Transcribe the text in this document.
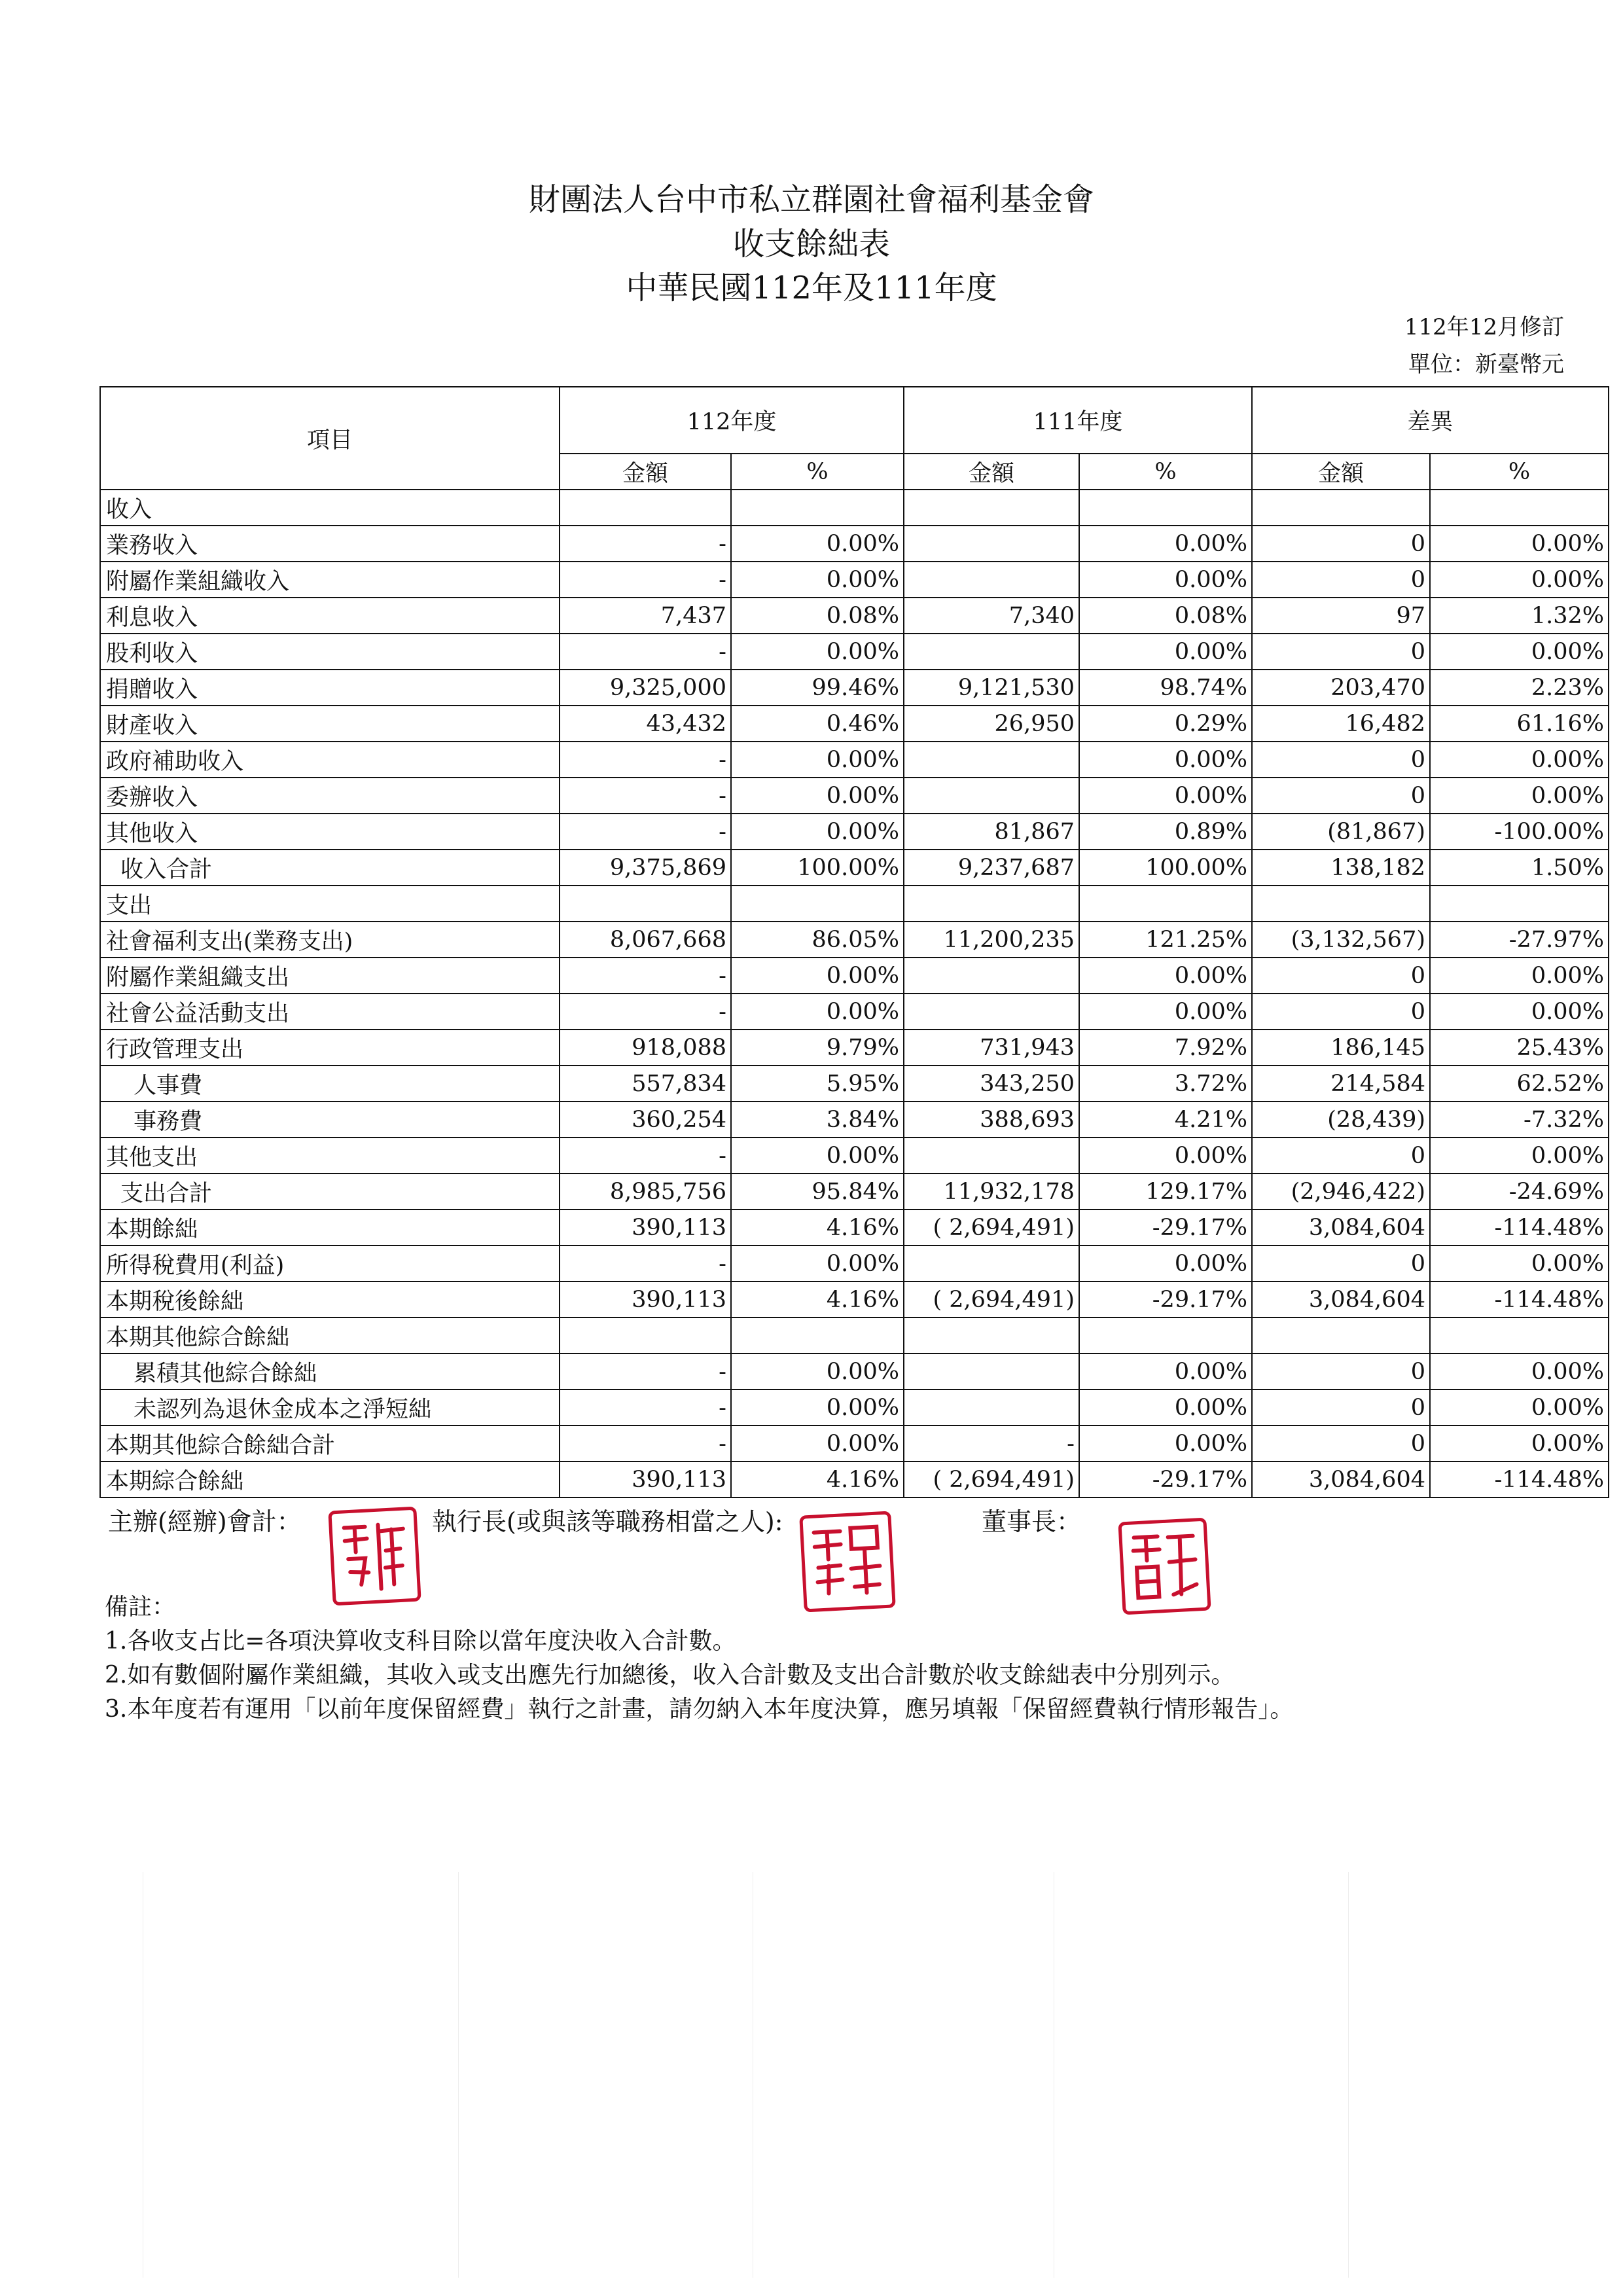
財團法人台中市私立群園社會福利基金會
收支餘絀表
中華民國112年及111年度
112年12月修訂
單位：新臺幣元
項目	112年度		111年度		差異	
	金額	%	金額	%	金額	%
收入						
業務收入	-	0.00%		0.00%	0	0.00%
附屬作業組織收入	-	0.00%		0.00%	0	0.00%
利息收入	7,437	0.08%	7,340	0.08%	97	1.32%
股利收入	-	0.00%		0.00%	0	0.00%
捐贈收入	9,325,000	99.46%	9,121,530	98.74%	203,470	2.23%
財產收入	43,432	0.46%	26,950	0.29%	16,482	61.16%
政府補助收入	-	0.00%		0.00%	0	0.00%
委辦收入	-	0.00%		0.00%	0	0.00%
其他收入	-	0.00%	81,867	0.89%	(81,867)	-100.00%
收入合計	9,375,869	100.00%	9,237,687	100.00%	138,182	1.50%
支出						
社會福利支出(業務支出)	8,067,668	86.05%	11,200,235	121.25%	(3,132,567)	-27.97%
附屬作業組織支出	-	0.00%		0.00%	0	0.00%
社會公益活動支出	-	0.00%		0.00%	0	0.00%
行政管理支出	918,088	9.79%	731,943	7.92%	186,145	25.43%
人事費	557,834	5.95%	343,250	3.72%	214,584	62.52%
事務費	360,254	3.84%	388,693	4.21%	(28,439)	-7.32%
其他支出	-	0.00%		0.00%	0	0.00%
支出合計	8,985,756	95.84%	11,932,178	129.17%	(2,946,422)	-24.69%
本期餘絀	390,113	4.16%	( 2,694,491)	-29.17%	3,084,604	-114.48%
所得稅費用(利益)	-	0.00%		0.00%	0	0.00%
本期稅後餘絀	390,113	4.16%	( 2,694,491)	-29.17%	3,084,604	-114.48%
本期其他綜合餘絀						
累積其他綜合餘絀	-	0.00%		0.00%	0	0.00%
未認列為退休金成本之淨短絀	-	0.00%		0.00%	0	0.00%
本期其他綜合餘絀合計	-	0.00%	-	0.00%	0	0.00%
本期綜合餘絀	390,113	4.16%	( 2,694,491)	-29.17%	3,084,604	-114.48%
主辦(經辦)會計：	執行長(或與該等職務相當之人):	董事長：
備註：
1.各收支占比=各項決算收支科目除以當年度決收入合計數。
2.如有數個附屬作業組織，其收入或支出應先行加總後，收入合計數及支出合計數於收支餘絀表中分別列示。
3.本年度若有運用「以前年度保留經費」執行之計畫，請勿納入本年度決算，應另填報「保留經費執行情形報告」。
